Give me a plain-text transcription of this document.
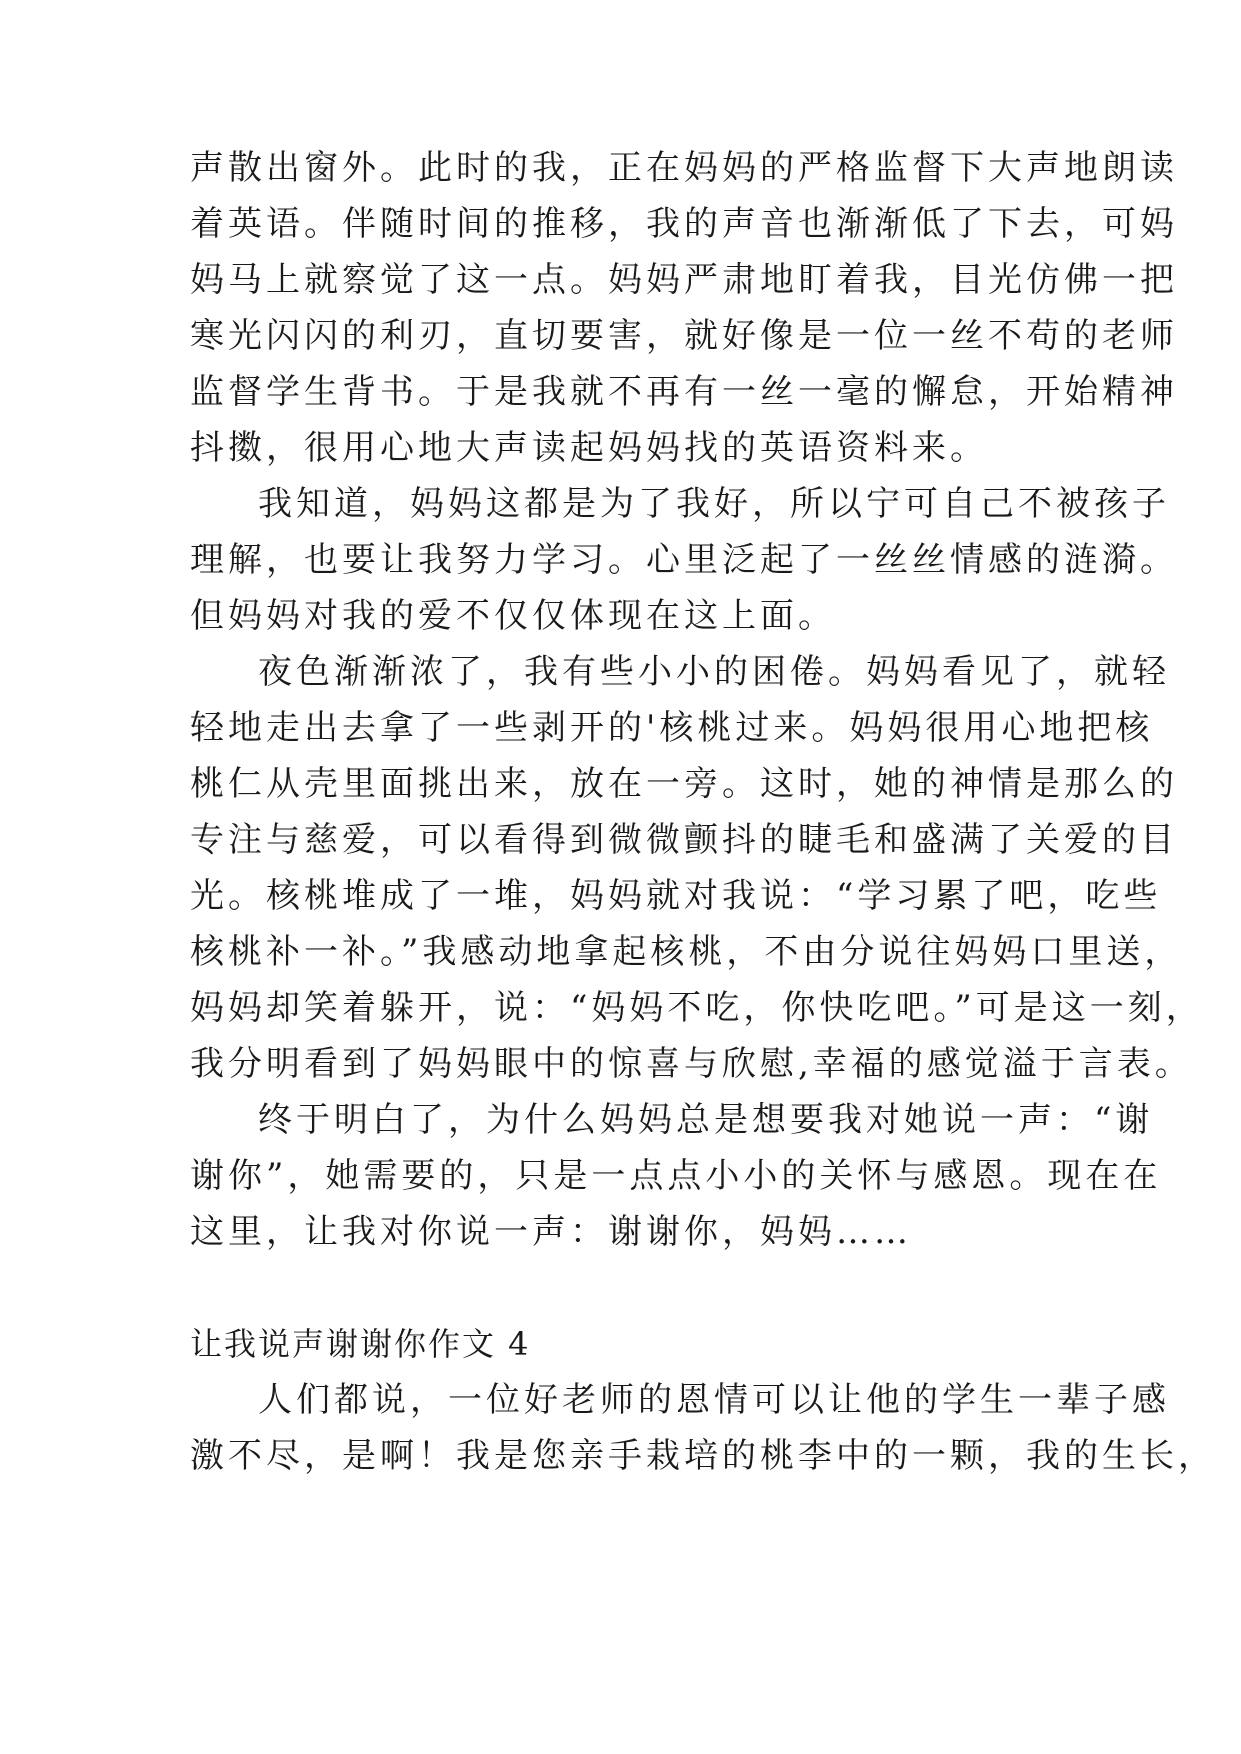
声散出窗外。此时的我，正在妈妈的严格监督下大声地朗读
着英语。伴随时间的推移，我的声音也渐渐低了下去，可妈
妈马上就察觉了这一点。妈妈严肃地盯着我，目光仿佛一把
寒光闪闪的利刃，直切要害，就好像是一位一丝不苟的老师
监督学生背书。于是我就不再有一丝一毫的懈怠，开始精神
抖擞，很用心地大声读起妈妈找的英语资料来。
我知道，妈妈这都是为了我好，所以宁可自己不被孩子
理解，也要让我努力学习。心里泛起了一丝丝情感的涟漪。
但妈妈对我的爱不仅仅体现在这上面。
夜色渐渐浓了，我有些小小的困倦。妈妈看见了，就轻
轻地走出去拿了一些剥开的'核桃过来。妈妈很用心地把核
桃仁从壳里面挑出来，放在一旁。这时，她的神情是那么的
专注与慈爱，可以看得到微微颤抖的睫毛和盛满了关爱的目
光。核桃堆成了一堆，妈妈就对我说：“学习累了吧，吃些
核桃补一补。”我感动地拿起核桃，不由分说往妈妈口里送，
妈妈却笑着躲开，说：“妈妈不吃，你快吃吧。”可是这一刻，
我分明看到了妈妈眼中的惊喜与欣慰,幸福的感觉溢于言表。
终于明白了，为什么妈妈总是想要我对她说一声：“谢
谢你”，她需要的，只是一点点小小的关怀与感恩。现在在
这里，让我对你说一声：谢谢你，妈妈……
让我说声谢谢你作文 4
人们都说，一位好老师的恩情可以让他的学生一辈子感
激不尽，是啊！我是您亲手栽培的桃李中的一颗，我的生长，
